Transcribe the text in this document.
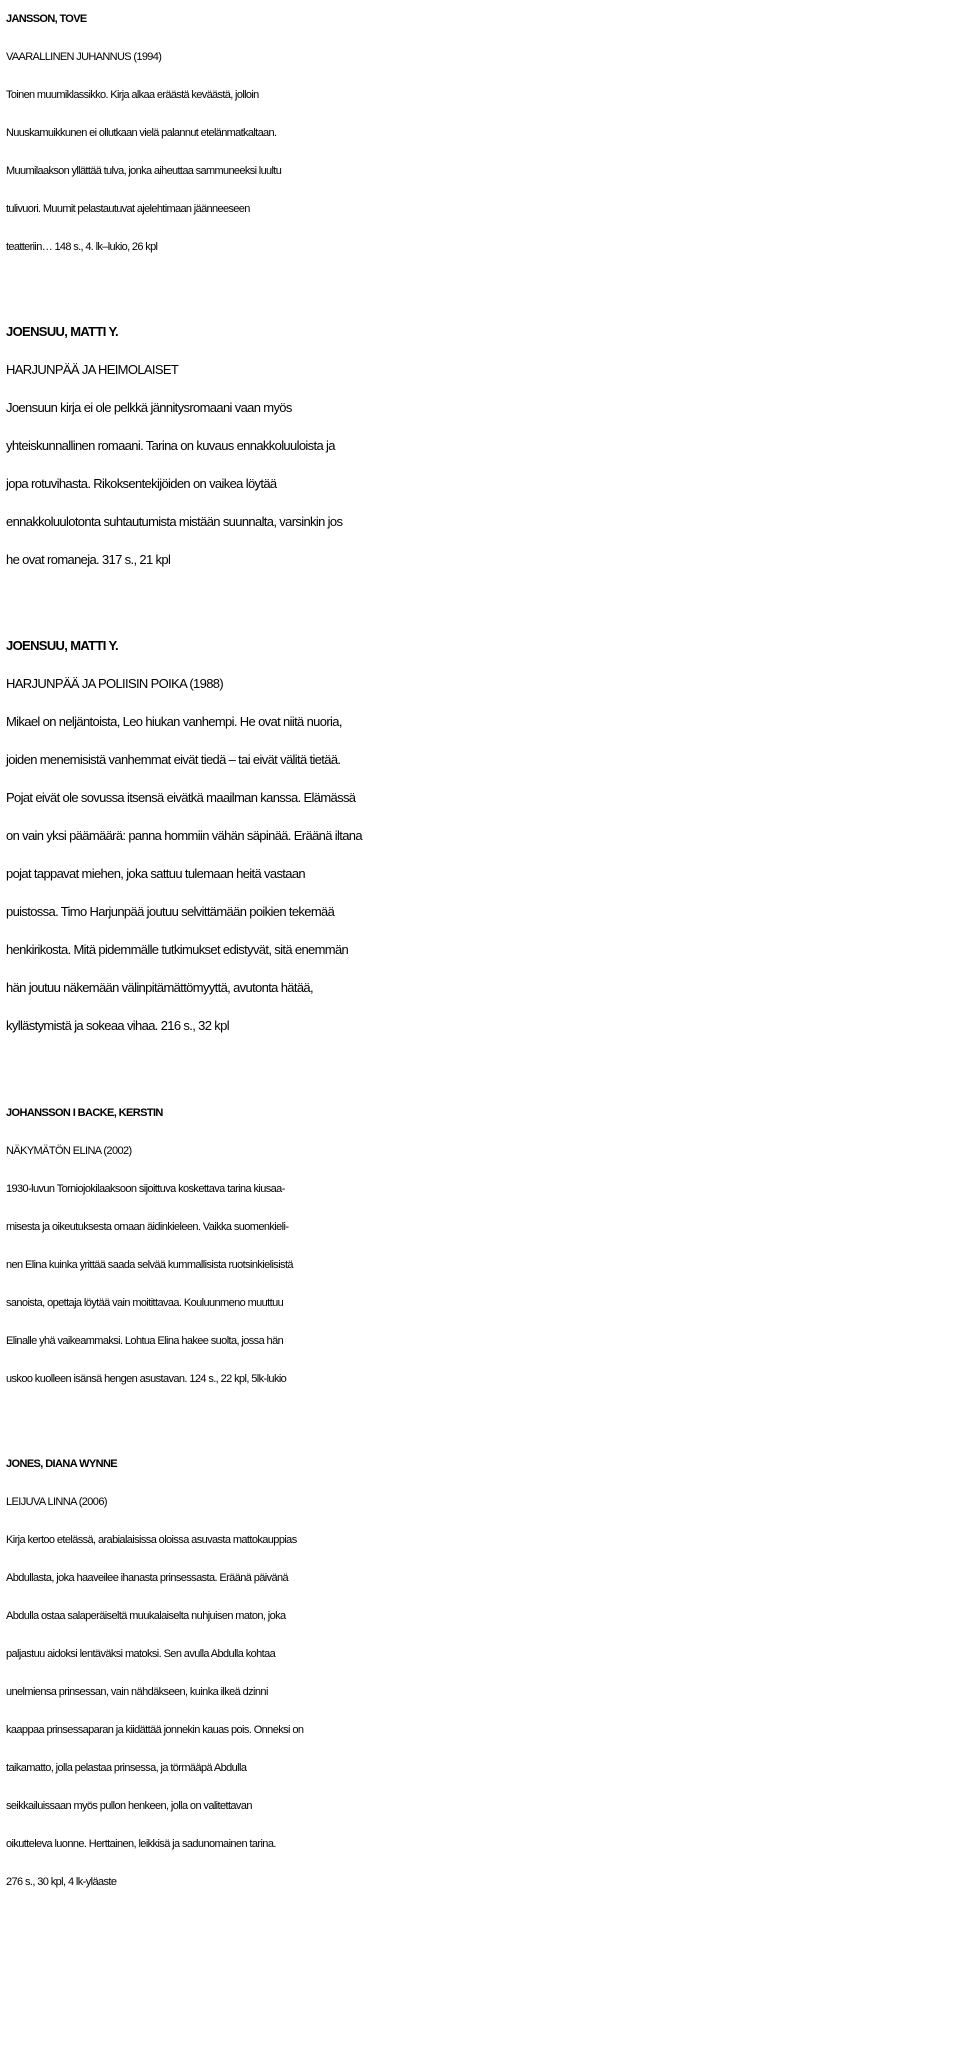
JANSSON, TOVE
VAARALLINEN JUHANNUS (1994)
Toinen muumiklassikko. Kirja alkaa eräästä keväästä, jolloin
Nuuskamuikkunen ei ollutkaan vielä palannut etelänmatkaltaan.
Muumilaakson yllättää tulva, jonka aiheuttaa sammuneeksi luultu
tulivuori. Muumit pelastautuvat ajelehtimaan jäänneeseen
teatteriin… 148 s., 4. lk–lukio, 26 kpl
JOENSUU, MATTI Y.
HARJUNPÄÄ JA HEIMOLAISET
Joensuun kirja ei ole pelkkä jännitysromaani vaan myös
yhteiskunnallinen romaani. Tarina on kuvaus ennakkoluuloista ja
jopa rotuvihasta. Rikoksentekijöiden on vaikea löytää
ennakkoluulotonta suhtautumista mistään suunnalta, varsinkin jos
he ovat romaneja. 317 s., 21 kpl
JOENSUU, MATTI Y.
HARJUNPÄÄ JA POLIISIN POIKA (1988)
Mikael on neljäntoista, Leo hiukan vanhempi. He ovat niitä nuoria,
joiden menemisistä vanhemmat eivät tiedä – tai eivät välitä tietää.
Pojat eivät ole sovussa itsensä eivätkä maailman kanssa. Elämässä
on vain yksi päämäärä: panna hommiin vähän säpinää. Eräänä iltana
pojat tappavat miehen, joka sattuu tulemaan heitä vastaan
puistossa. Timo Harjunpää joutuu selvittämään poikien tekemää
henkirikosta. Mitä pidemmälle tutkimukset edistyvät, sitä enemmän
hän joutuu näkemään välinpitämättömyyttä, avutonta hätää,
kyllästymistä ja sokeaa vihaa. 216 s., 32 kpl
JOHANSSON I BACKE, KERSTIN
NÄKYMÄTÖN ELINA (2002)
1930-luvun Torniojokilaaksoon sijoittuva koskettava tarina kiusaa-
misesta ja oikeutuksesta omaan äidinkieleen. Vaikka suomenkieli-
nen Elina kuinka yrittää saada selvää kummallisista ruotsinkielisistä
sanoista, opettaja löytää vain moitittavaa. Kouluunmeno muuttuu
Elinalle yhä vaikeammaksi. Lohtua Elina hakee suolta, jossa hän
uskoo kuolleen isänsä hengen asustavan. 124 s., 22 kpl, 5lk-lukio
JONES, DIANA WYNNE
LEIJUVA LINNA (2006)
Kirja kertoo etelässä, arabialaisissa oloissa asuvasta mattokauppias
Abdullasta, joka haaveilee ihanasta prinsessasta. Eräänä päivänä
Abdulla ostaa salaperäiseltä muukalaiselta nuhjuisen maton, joka
paljastuu aidoksi lentäväksi matoksi. Sen avulla Abdulla kohtaa
unelmiensa prinsessan, vain nähdäkseen, kuinka ilkeä dzinni
kaappaa prinsessaparan ja kiidättää jonnekin kauas pois. Onneksi on
taikamatto, jolla pelastaa prinsessa, ja törmääpä Abdulla
seikkailuissaan myös pullon henkeen, jolla on valitettavan
oikutteleva luonne. Herttainen, leikkisä ja sadunomainen tarina.
276 s., 30 kpl, 4 lk-yläaste
